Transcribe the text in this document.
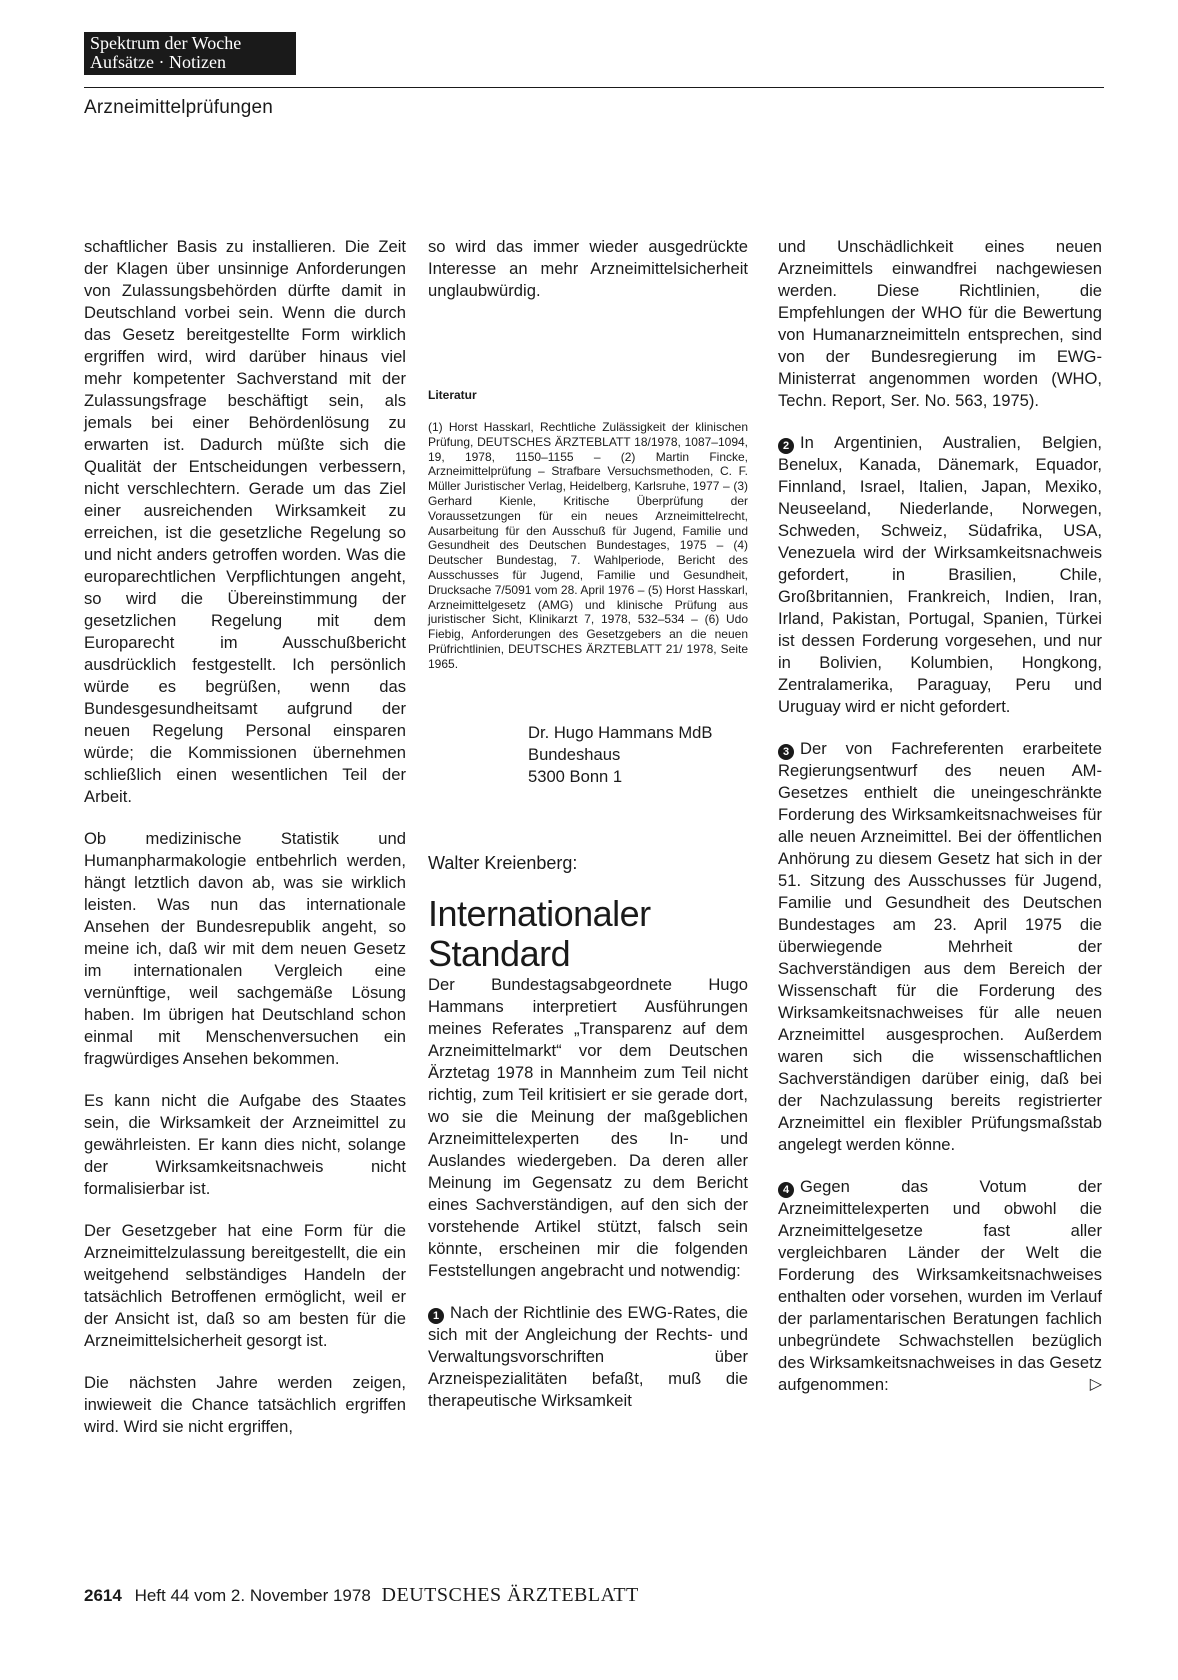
Spektrum der Woche
Aufsätze · Notizen
Arzneimittelprüfungen

schaftlicher Basis zu installieren. Die Zeit der Klagen über unsinnige Anforderungen von Zulassungsbehörden dürfte damit in Deutschland vorbei sein. Wenn die durch das Gesetz bereitgestellte Form wirklich ergriffen wird, wird darüber hinaus viel mehr kompetenter Sachverstand mit der Zulassungsfrage beschäftigt sein, als jemals bei einer Behördenlösung zu erwarten ist. Dadurch müßte sich die Qualität der Entscheidungen verbessern, nicht verschlechtern. Gerade um das Ziel einer ausreichenden Wirksamkeit zu erreichen, ist die gesetzliche Regelung so und nicht anders getroffen worden. Was die europarechtlichen Verpflichtungen angeht, so wird die Übereinstimmung der gesetzlichen Regelung mit dem Europarecht im Ausschußbericht ausdrücklich festgestellt. Ich persönlich würde es begrüßen, wenn das Bundesgesundheitsamt aufgrund der neuen Regelung Personal einsparen würde; die Kommissionen übernehmen schließlich einen wesentlichen Teil der Arbeit.

Ob medizinische Statistik und Humanpharmakologie entbehrlich werden, hängt letztlich davon ab, was sie wirklich leisten. Was nun das internationale Ansehen der Bundesrepublik angeht, so meine ich, daß wir mit dem neuen Gesetz im internationalen Vergleich eine vernünftige, weil sachgemäße Lösung haben. Im übrigen hat Deutschland schon einmal mit Menschenversuchen ein fragwürdiges Ansehen bekommen.

Es kann nicht die Aufgabe des Staates sein, die Wirksamkeit der Arzneimittel zu gewährleisten. Er kann dies nicht, solange der Wirksamkeitsnachweis nicht formalisierbar ist.

Der Gesetzgeber hat eine Form für die Arzneimittelzulassung bereitgestellt, die ein weitgehend selbständiges Handeln der tatsächlich Betroffenen ermöglicht, weil er der Ansicht ist, daß so am besten für die Arzneimittelsicherheit gesorgt ist.

Die nächsten Jahre werden zeigen, inwieweit die Chance tatsächlich ergriffen wird. Wird sie nicht ergriffen,

so wird das immer wieder ausgedrückte Interesse an mehr Arzneimittelsicherheit unglaubwürdig.

Literatur

(1) Horst Hasskarl, Rechtliche Zulässigkeit der klinischen Prüfung, DEUTSCHES ÄRZTEBLATT 18/1978, 1087–1094, 19, 1978, 1150–1155 – (2) Martin Fincke, Arzneimittelprüfung – Strafbare Versuchsmethoden, C. F. Müller Juristischer Verlag, Heidelberg, Karlsruhe, 1977 – (3) Gerhard Kienle, Kritische Überprüfung der Voraussetzungen für ein neues Arzneimittelrecht, Ausarbeitung für den Ausschuß für Jugend, Familie und Gesundheit des Deutschen Bundestages, 1975 – (4) Deutscher Bundestag, 7. Wahlperiode, Bericht des Ausschusses für Jugend, Familie und Gesundheit, Drucksache 7/5091 vom 28. April 1976 – (5) Horst Hasskarl, Arzneimittelgesetz (AMG) und klinische Prüfung aus juristischer Sicht, Klinikarzt 7, 1978, 532–534 – (6) Udo Fiebig, Anforderungen des Gesetzgebers an die neuen Prüfrichtlinien, DEUTSCHES ÄRZTEBLATT 21/ 1978, Seite 1965.

Dr. Hugo Hammans MdB
Bundeshaus
5300 Bonn 1
Walter Kreienberg:
Internationaler
Standard

Der Bundestagsabgeordnete Hugo Hammans interpretiert Ausführungen meines Referates „Transparenz auf dem Arzneimittelmarkt“ vor dem Deutschen Ärztetag 1978 in Mannheim zum Teil nicht richtig, zum Teil kritisiert er sie gerade dort, wo sie die Meinung der maßgeblichen Arzneimittelexperten des In- und Auslandes wiedergeben. Da deren aller Meinung im Gegensatz zu dem Bericht eines Sachverständigen, auf den sich der vorstehende Artikel stützt, falsch sein könnte, erscheinen mir die folgenden Feststellungen angebracht und notwendig:

1 Nach der Richtlinie des EWG-Rates, die sich mit der Angleichung der Rechts- und Verwaltungsvorschriften über Arzneispezialitäten befaßt, muß die therapeutische Wirksamkeit

und Unschädlichkeit eines neuen Arzneimittels einwandfrei nachgewiesen werden. Diese Richtlinien, die Empfehlungen der WHO für die Bewertung von Humanarzneimitteln entsprechen, sind von der Bundesregierung im EWG-Ministerrat angenommen worden (WHO, Techn. Report, Ser. No. 563, 1975).

2 In Argentinien, Australien, Belgien, Benelux, Kanada, Dänemark, Equador, Finnland, Israel, Italien, Japan, Mexiko, Neuseeland, Niederlande, Norwegen, Schweden, Schweiz, Südafrika, USA, Venezuela wird der Wirksamkeitsnachweis gefordert, in Brasilien, Chile, Großbritannien, Frankreich, Indien, Iran, Irland, Pakistan, Portugal, Spanien, Türkei ist dessen Forderung vorgesehen, und nur in Bolivien, Kolumbien, Hongkong, Zentralamerika, Paraguay, Peru und Uruguay wird er nicht gefordert.

3 Der von Fachreferenten erarbeitete Regierungsentwurf des neuen AM-Gesetzes enthielt die uneingeschränkte Forderung des Wirksamkeitsnachweises für alle neuen Arzneimittel. Bei der öffentlichen Anhörung zu diesem Gesetz hat sich in der 51. Sitzung des Ausschusses für Jugend, Familie und Gesundheit des Deutschen Bundestages am 23. April 1975 die überwiegende Mehrheit der Sachverständigen aus dem Bereich der Wissenschaft für die Forderung des Wirksamkeitsnachweises für alle neuen Arzneimittel ausgesprochen. Außerdem waren sich die wissenschaftlichen Sachverständigen darüber einig, daß bei der Nachzulassung bereits registrierter Arzneimittel ein flexibler Prüfungsmaßstab angelegt werden könne.

4 Gegen das Votum der Arzneimittelexperten und obwohl die Arzneimittelgesetze fast aller vergleichbaren Länder der Welt die Forderung des Wirksamkeitsnachweises enthalten oder vorsehen, wurden im Verlauf der parlamentarischen Beratungen fachlich unbegründete Schwachstellen bezüglich des Wirksamkeitsnachweises in das Gesetz aufgenommen:	▷

2614 Heft 44 vom 2. November 1978 DEUTSCHES ÄRZTEBLATT
